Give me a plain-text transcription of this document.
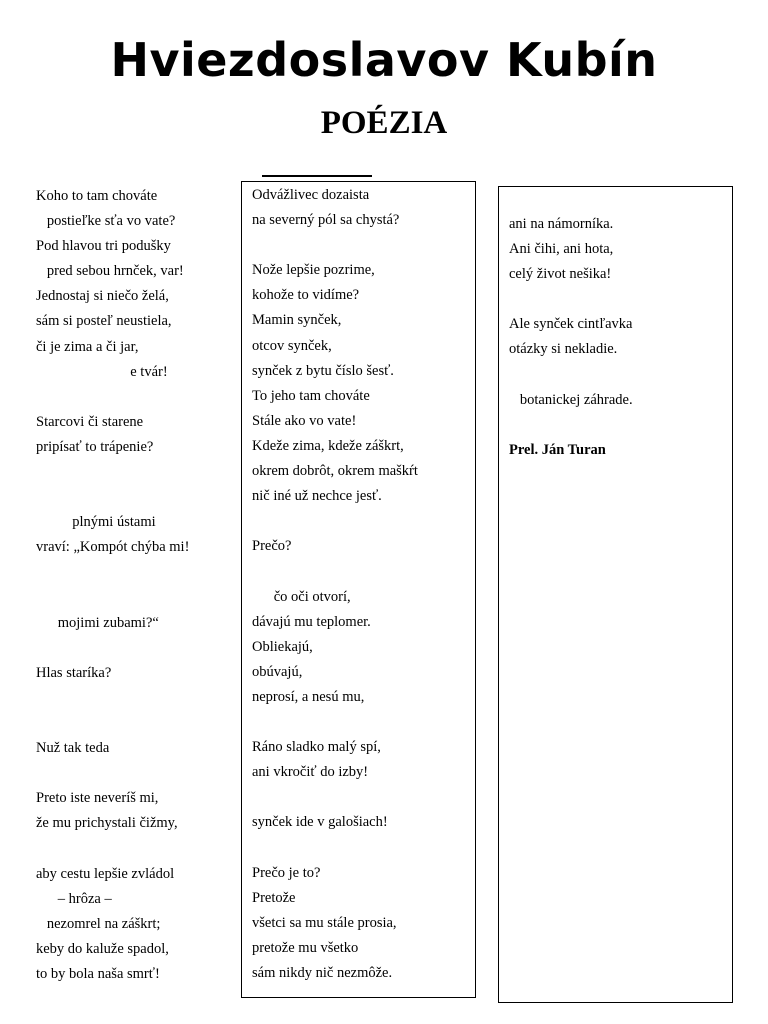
Hviezdoslavov Kubín
POÉZIA
Koho to tam chováte
postieľke sťa vo vate?
Pod hlavou tri podušky
pred sebou hrnček, var!
Jednostaj si niečo želá,
sám si posteľ neustiela,
či je zima a či jar,
e tvár!
Starcovi či starene
pripísať to trápenie?
plnými ústami
vraví: „Kompót chýba mi!
mojimi zubami?“
Hlas staríka?
Nuž tak teda
Preto iste neveríš mi,
že mu prichystali čižmy,
aby cestu lepšie zvládol
– hrôza –
nezomrel na záškrt;
keby do kaluže spadol,
to by bola naša smrť!
Odvážlivec dozaista
na severný pól sa chystá?
Nože lepšie pozrime,
kohože to vidíme?
Mamin synček,
otcov synček,
synček z bytu číslo šesť.
To jeho tam chováte
Stále ako vo vate!
Kdeže zima, kdeže záškrt,
okrem dobrôt, okrem maškŕt
nič iné už nechce jesť.
Prečo?
čo oči otvorí,
dávajú mu teplomer.
Obliekajú,
obúvajú,
neprosí, a nesú mu,
Ráno sladko malý spí,
ani vkročiť do izby!
synček ide v galošiach!
Prečo je to?
Pretože
všetci sa mu stále prosia,
pretože mu všetko
sám nikdy nič nezmôže.
ani na námorníka.
Ani čihi, ani hota,
celý život nešika!
Ale synček cintľavka
otázky si nekladie.
botanickej záhrade.
Prel. Ján Turan
